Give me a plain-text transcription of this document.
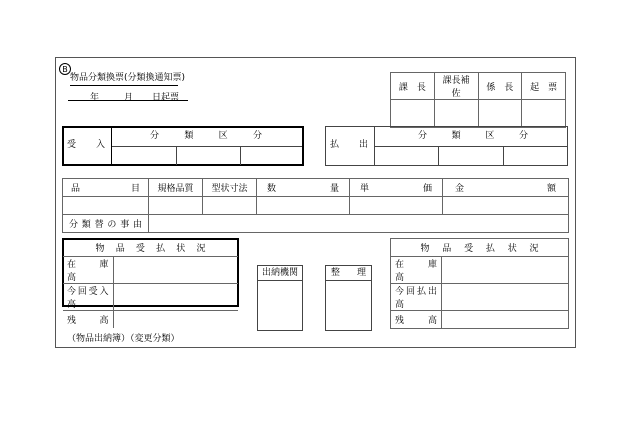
B
物品分類換票(分類換通知票)
年	月 日起票
課　長	課長補佐	係　長	起　票

受　入
分　類　区　分
払　出
分　類　区　分
品　　目	規格品質	型状寸法	数　　量	単　　価	金　　額

分類替の事由					
物　品　受　払　状　況	
在　庫　高	
今回受入高	
残　　高	
出納機関	整　理
物　品　受　払　状　況	
在　庫　高	
今回払出高	
残　　高	
（物品出納簿）（変更分類）
